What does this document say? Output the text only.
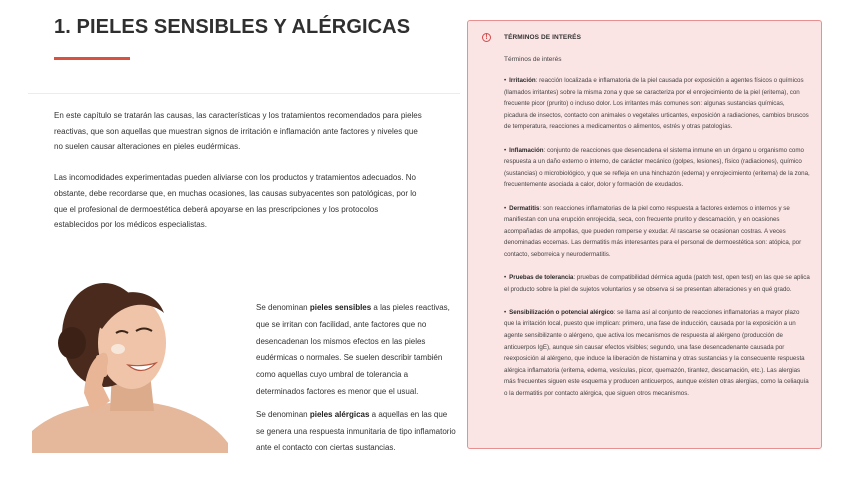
1. PIELES SENSIBLES Y ALÉRGICAS

En este capítulo se tratarán las causas, las características y los tratamientos recomendados para pieles reactivas, que son aquellas que muestran signos de irritación e inflamación ante factores y niveles que no suelen causar alteraciones en pieles eudérmicas.

Las incomodidades experimentadas pueden aliviarse con los productos y tratamientos adecuados. No obstante, debe recordarse que, en muchas ocasiones, las causas subyacentes son patológicas, por lo que el profesional de dermoestética deberá apoyarse en las prescripciones y los protocolos establecidos por los médicos especialistas.

Se denominan pieles sensibles a las pieles reactivas, que se irritan con facilidad, ante factores que no desencadenan los mismos efectos en las pieles eudérmicas o normales. Se suelen describir también como aquellas cuyo umbral de tolerancia a determinados factores es menor que el usual.

Se denominan pieles alérgicas a aquellas en las que se genera una respuesta inmunitaria de tipo inflamatorio ante el contacto con ciertas sustancias.

!	TÉRMINOS DE INTERÉS
Términos de interés
• Irritación: reacción localizada e inflamatoria de la piel causada por exposición a agentes físicos o químicos (llamados irritantes) sobre la misma zona y que se caracteriza por el enrojecimiento de la piel (eritema), con frecuente picor (prurito) o incluso dolor. Los irritantes más comunes son: algunas sustancias químicas, picadura de insectos, contacto con animales o vegetales urticantes, exposición a radiaciones, cambios bruscos de temperatura, reacciones a medicamentos o alimentos, estrés y otras patologías.
• Inflamación: conjunto de reacciones que desencadena el sistema inmune en un órgano u organismo como respuesta a un daño externo o interno, de carácter mecánico (golpes, lesiones), físico (radiaciones), químico (sustancias) o microbiológico, y que se refleja en una hinchazón (edema) y enrojecimiento (eritema) de la zona, frecuentemente asociada a calor, dolor y formación de exudados.
• Dermatitis: son reacciones inflamatorias de la piel como respuesta a factores externos o internos y se manifiestan con una erupción enrojecida, seca, con frecuente prurito y descamación, y en ocasiones acompañadas de ampollas, que pueden romperse y exudar. Al rascarse se ocasionan costras. A veces denominadas eccemas. Las dermatitis más interesantes para el personal de dermoestética son: atópica, por contacto, seborreica y neurodermatitis.
• Pruebas de tolerancia: pruebas de compatibilidad dérmica aguda (patch test, open test) en las que se aplica el producto sobre la piel de sujetos voluntarios y se observa si se presentan alteraciones y en qué grado.
• Sensibilización o potencial alérgico: se llama así al conjunto de reacciones inflamatorias a mayor plazo que la irritación local, puesto que implican: primero, una fase de inducción, causada por la exposición a un agente sensibilizante o alérgeno, que activa los mecanismos de respuesta al alérgeno (producción de anticuerpos IgE), aunque sin causar efectos visibles; segundo, una fase desencadenante causada por reexposición al alérgeno, que induce la liberación de histamina y otras sustancias y la consecuente respuesta alérgica inflamatoria (eritema, edema, vesículas, picor, quemazón, tirantez, descamación, etc.). Las alergias más frecuentes siguen este esquema y producen anticuerpos, aunque existen otras alergias, como la celiaquía o la dermatitis por contacto alérgica, que siguen otros mecanismos.
